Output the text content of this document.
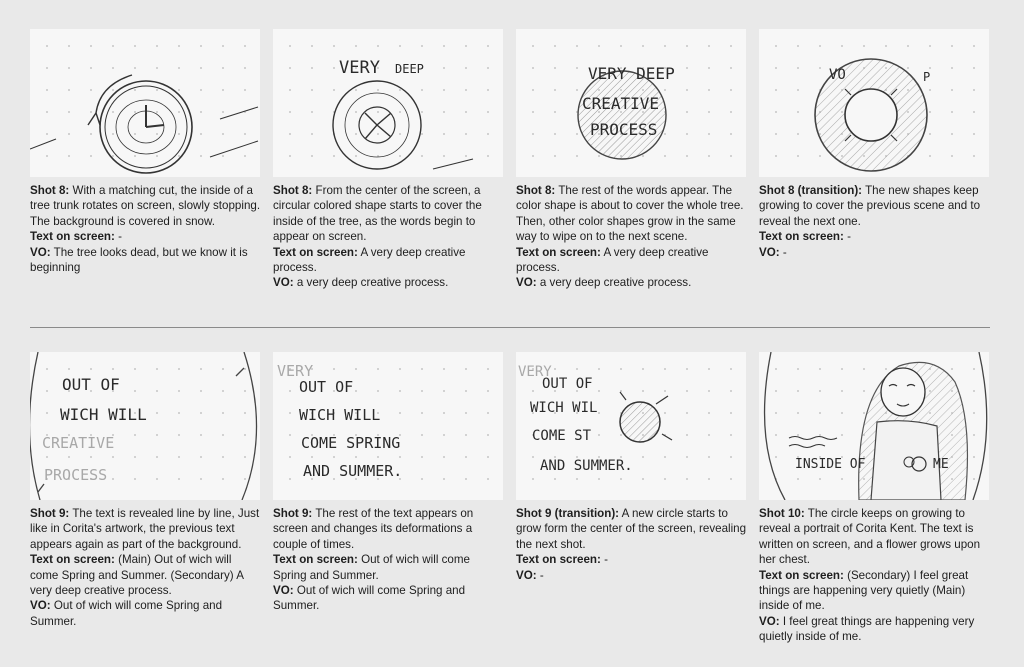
Shot 8: With a matching cut, the inside of a tree trunk rotates on screen, slowly stopping. The background is covered in snow.

Text on screen: -

VO: The tree looks dead, but we know it is beginning

VERY DEEP

Shot 8: From the center of the screen, a circular colored shape starts to cover the inside of the tree, as the words begin to appear on screen.

Text on screen: A very deep creative process.

VO: a very deep creative process.

VERY DEEP
CREATIVE
PROCESS

Shot 8: The rest of the words appear. The color shape is about to cover the whole tree. Then, other color shapes grow in the same way to wipe on to the next scene.

Text on screen: A very deep creative process.

VO: a very deep creative process.

VO	P

Shot 8 (transition): The new shapes keep growing to cover the previous scene and to reveal the next one.

Text on screen: -

VO: -

OUT OF
WICH WILL
CREATIVE
PROCESS

Shot 9: The text is revealed line by line, Just like in Corita's artwork, the previous text appears again as part of the background.

Text on screen: (Main) Out of wich will come Spring and Summer. (Secondary) A very deep creative process.

VO: Out of wich will come Spring and Summer.

VERY
OUT OF
WICH WILL
COME SPRING
AND SUMMER.

Shot 9: The rest of the text appears on screen and changes its deformations a couple of times.

Text on screen: Out of wich will come Spring and Summer.

VO: Out of wich will come Spring and Summer.

VERY
OUT OF
WICH WIL
COME ST
AND SUMMER.

Shot 9 (transition): A new circle starts to grow form the center of the screen, revealing the next shot.

Text on screen: -

VO: -

INSIDE OF	ME

Shot 10: The circle keeps on growing to reveal a portrait of Corita Kent. The text is written on screen, and a flower grows upon her chest.

Text on screen: (Secondary) I feel great things are happening very quietly (Main) inside of me.

VO: I feel great things are happening very quietly inside of me.
